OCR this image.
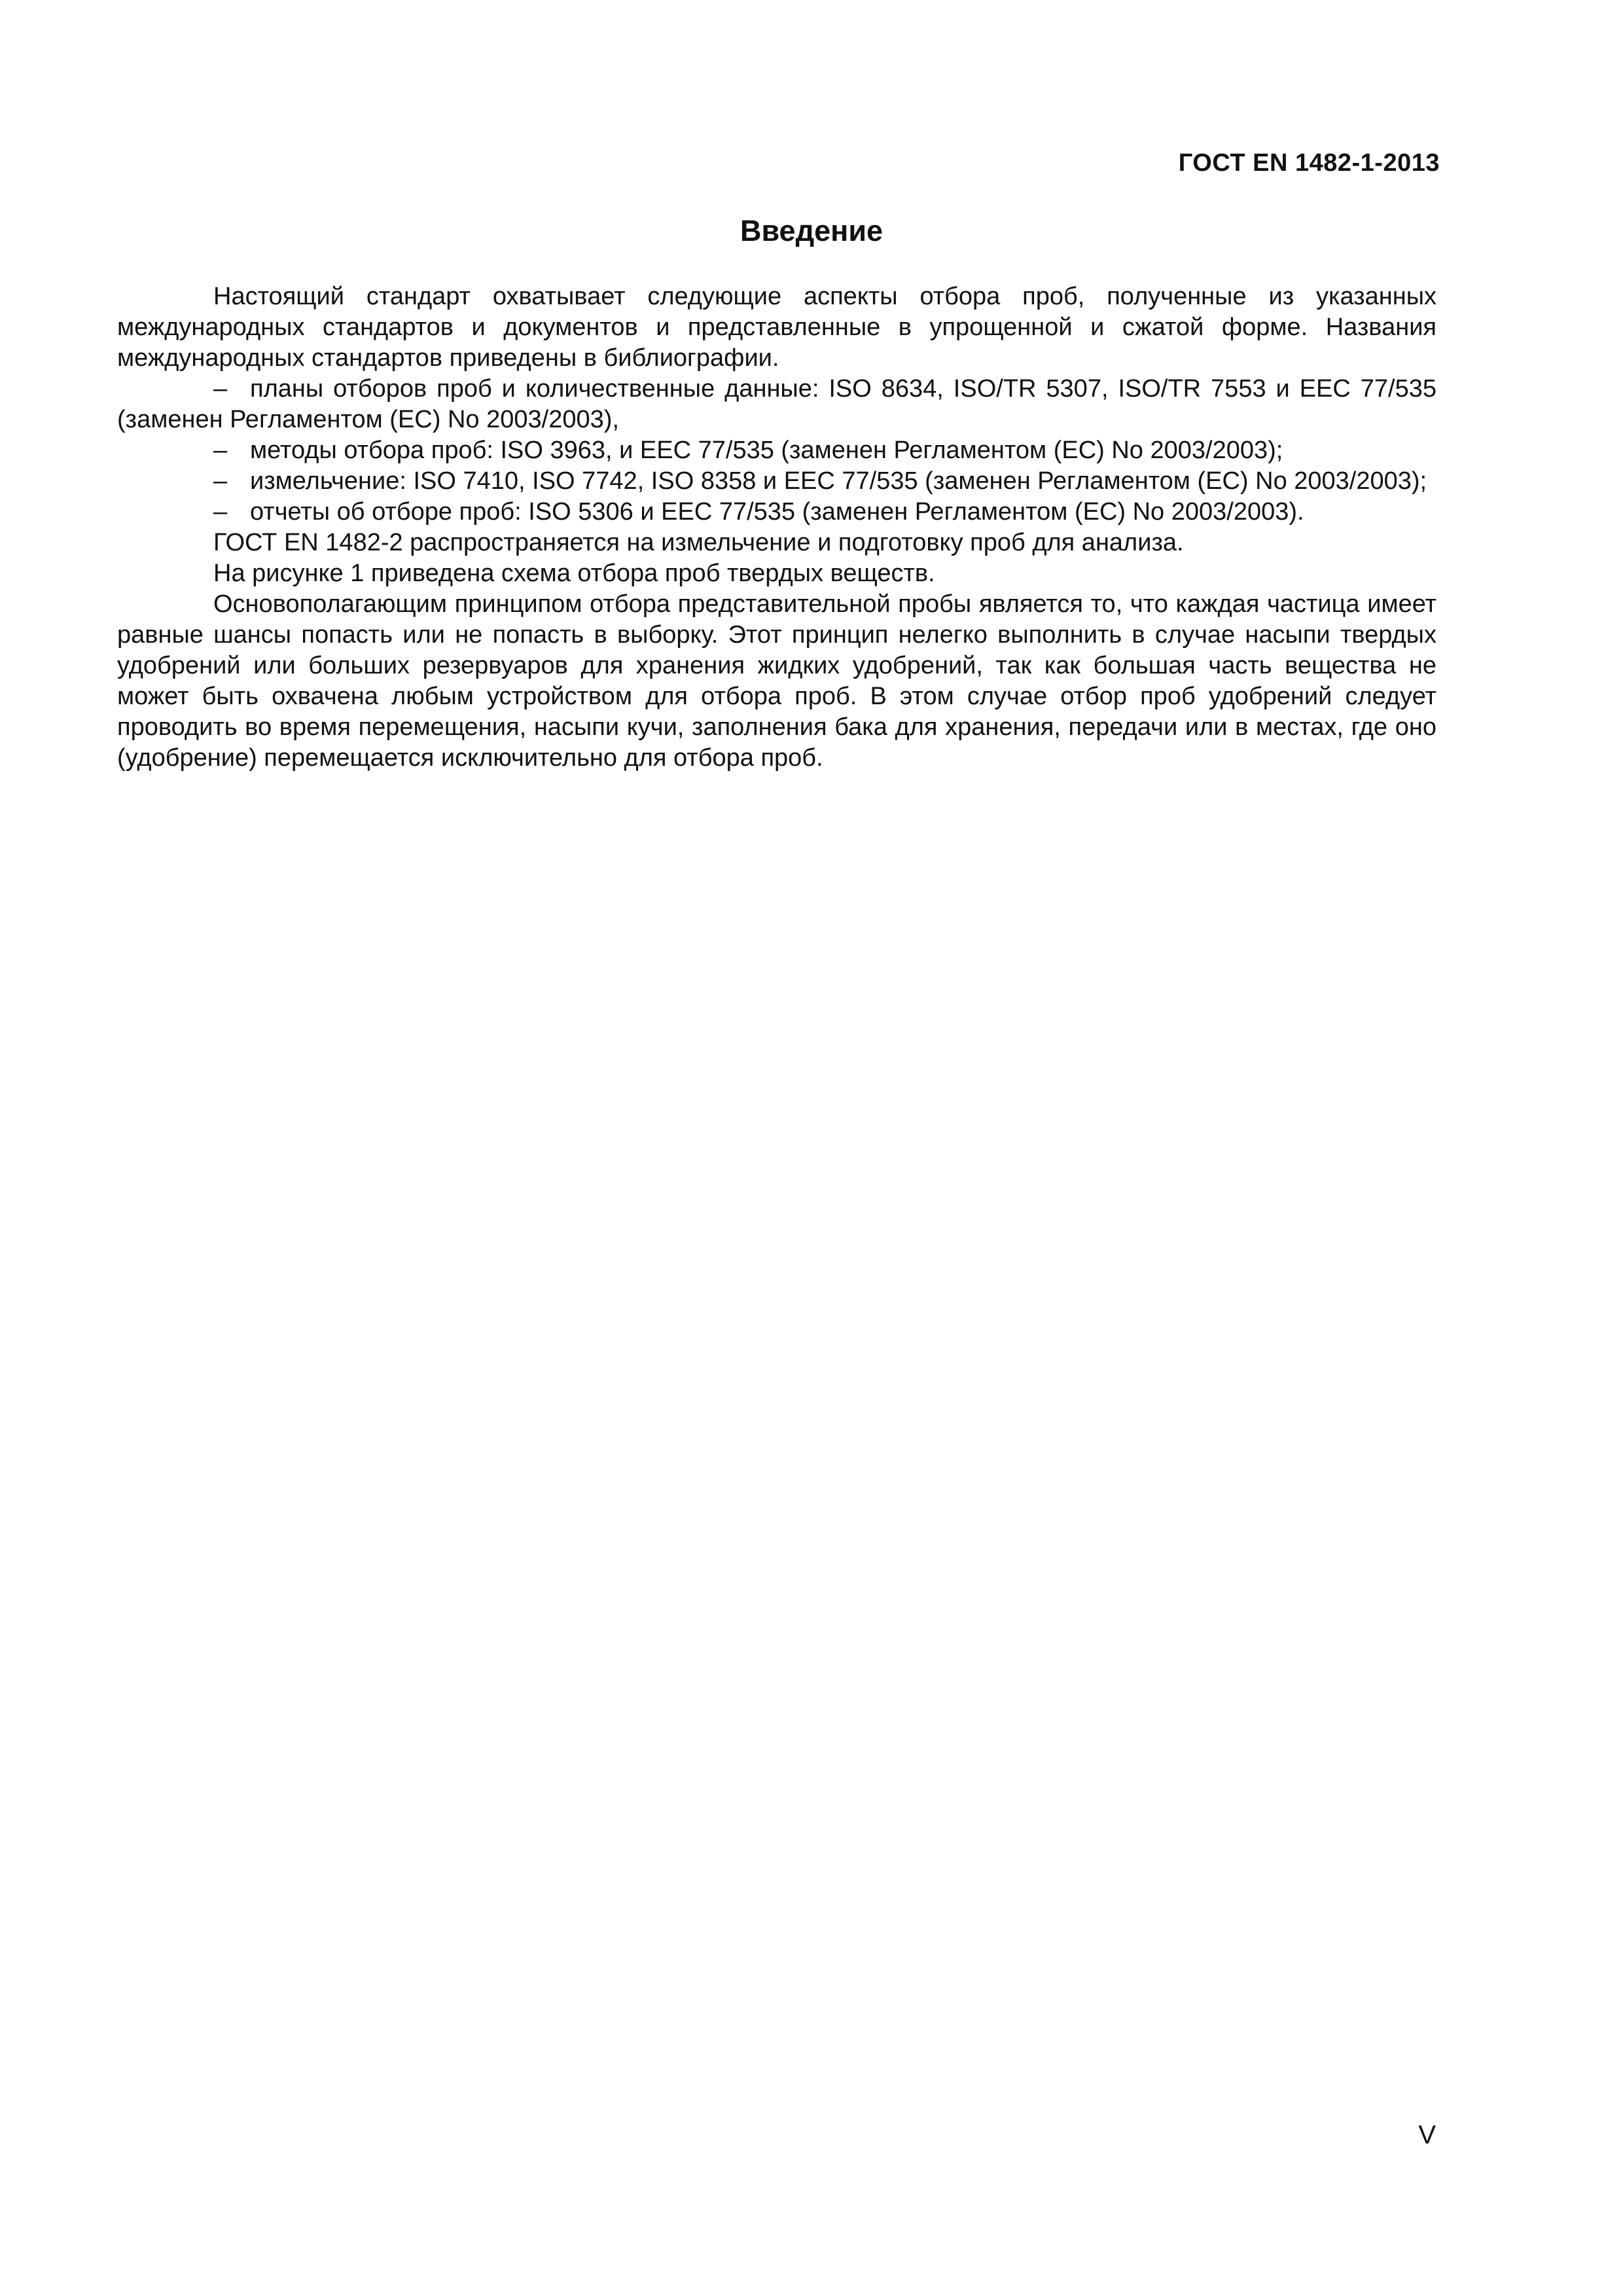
ГОСТ EN 1482-1-2013
Введение

Настоящий стандарт охватывает следующие аспекты отбора проб, полученные из указанных международных стандартов и документов и представленные в упрощенной и сжатой форме. Названия международных стандартов приведены в библиографии.

– планы отборов проб и количественные данные: ISO 8634, ISO/TR 5307, ISO/TR 7553 и EEC 77/535 (заменен Регламентом (EC) No 2003/2003),

– методы отбора проб: ISO 3963, и EEC 77/535 (заменен Регламентом (EC) No 2003/2003);

– измельчение: ISO 7410, ISO 7742, ISO 8358 и EEC 77/535 (заменен Регламентом (EC) No 2003/2003);

– отчеты об отборе проб: ISO 5306 и EEC 77/535 (заменен Регламентом (EC) No 2003/2003).

ГОСТ EN 1482-2 распространяется на измельчение и подготовку проб для анализа.

На рисунке 1 приведена схема отбора проб твердых веществ.

Основополагающим принципом отбора представительной пробы является то, что каждая частица имеет равные шансы попасть или не попасть в выборку. Этот принцип нелегко выполнить в случае насыпи твердых удобрений или больших резервуаров для хранения жидких удобрений, так как большая часть вещества не может быть охвачена любым устройством для отбора проб. В этом случае отбор проб удобрений следует проводить во время перемещения, насыпи кучи, заполнения бака для хранения, передачи или в местах, где оно (удобрение) перемещается исключительно для отбора проб.

V
